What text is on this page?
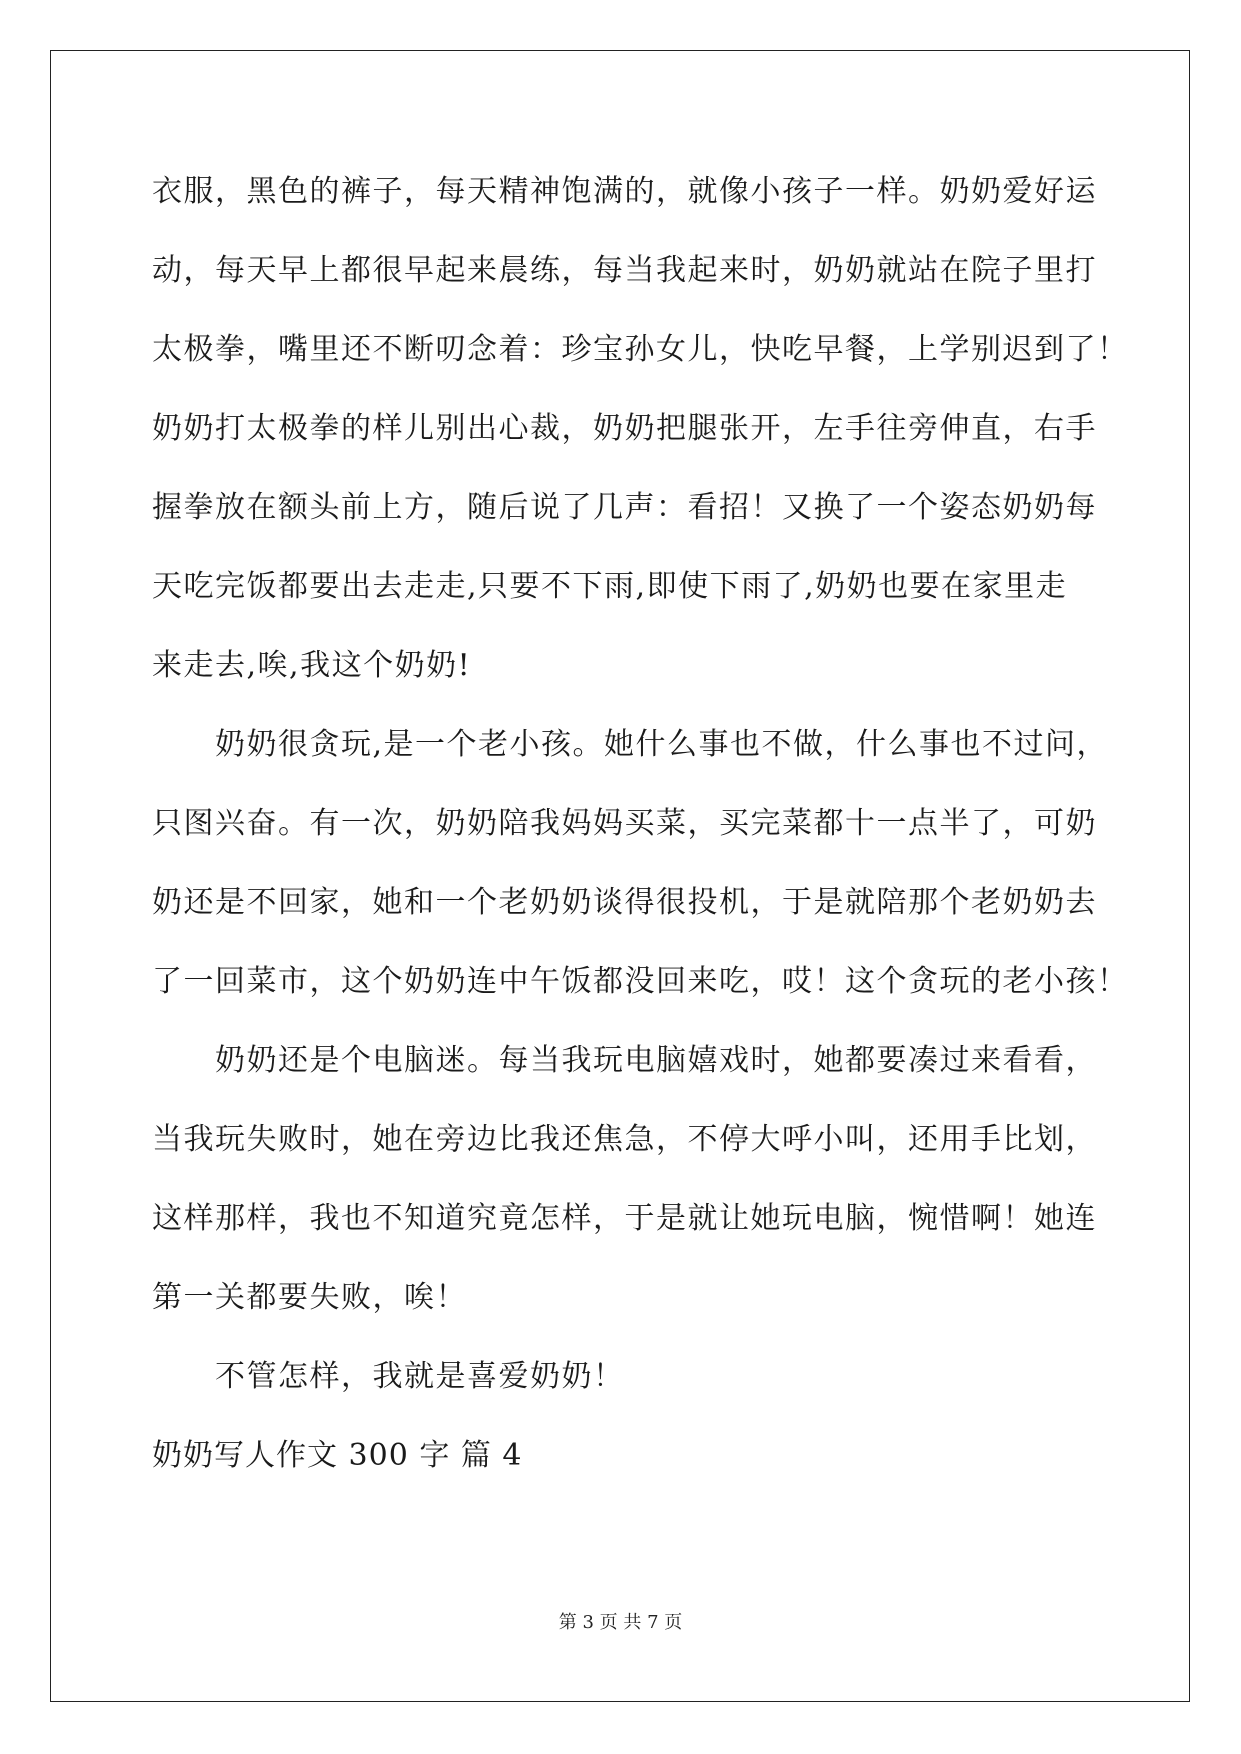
衣服，黑色的裤子，每天精神饱满的，就像小孩子一样。奶奶爱好运
动，每天早上都很早起来晨练，每当我起来时，奶奶就站在院子里打
太极拳，嘴里还不断叨念着：珍宝孙女儿，快吃早餐，上学别迟到了！
奶奶打太极拳的样儿别出心裁，奶奶把腿张开，左手往旁伸直，右手
握拳放在额头前上方，随后说了几声：看招！又换了一个姿态奶奶每
天吃完饭都要出去走走,只要不下雨,即使下雨了,奶奶也要在家里走
来走去,唉,我这个奶奶!
奶奶很贪玩,是一个老小孩。她什么事也不做，什么事也不过问，
只图兴奋。有一次，奶奶陪我妈妈买菜，买完菜都十一点半了，可奶
奶还是不回家，她和一个老奶奶谈得很投机，于是就陪那个老奶奶去
了一回菜市，这个奶奶连中午饭都没回来吃，哎！这个贪玩的老小孩！
奶奶还是个电脑迷。每当我玩电脑嬉戏时，她都要凑过来看看，
当我玩失败时，她在旁边比我还焦急，不停大呼小叫，还用手比划，
这样那样，我也不知道究竟怎样，于是就让她玩电脑，惋惜啊！她连
第一关都要失败，唉！
不管怎样，我就是喜爱奶奶！
奶奶写人作文 300 字 篇 4
第 3 页 共 7 页
